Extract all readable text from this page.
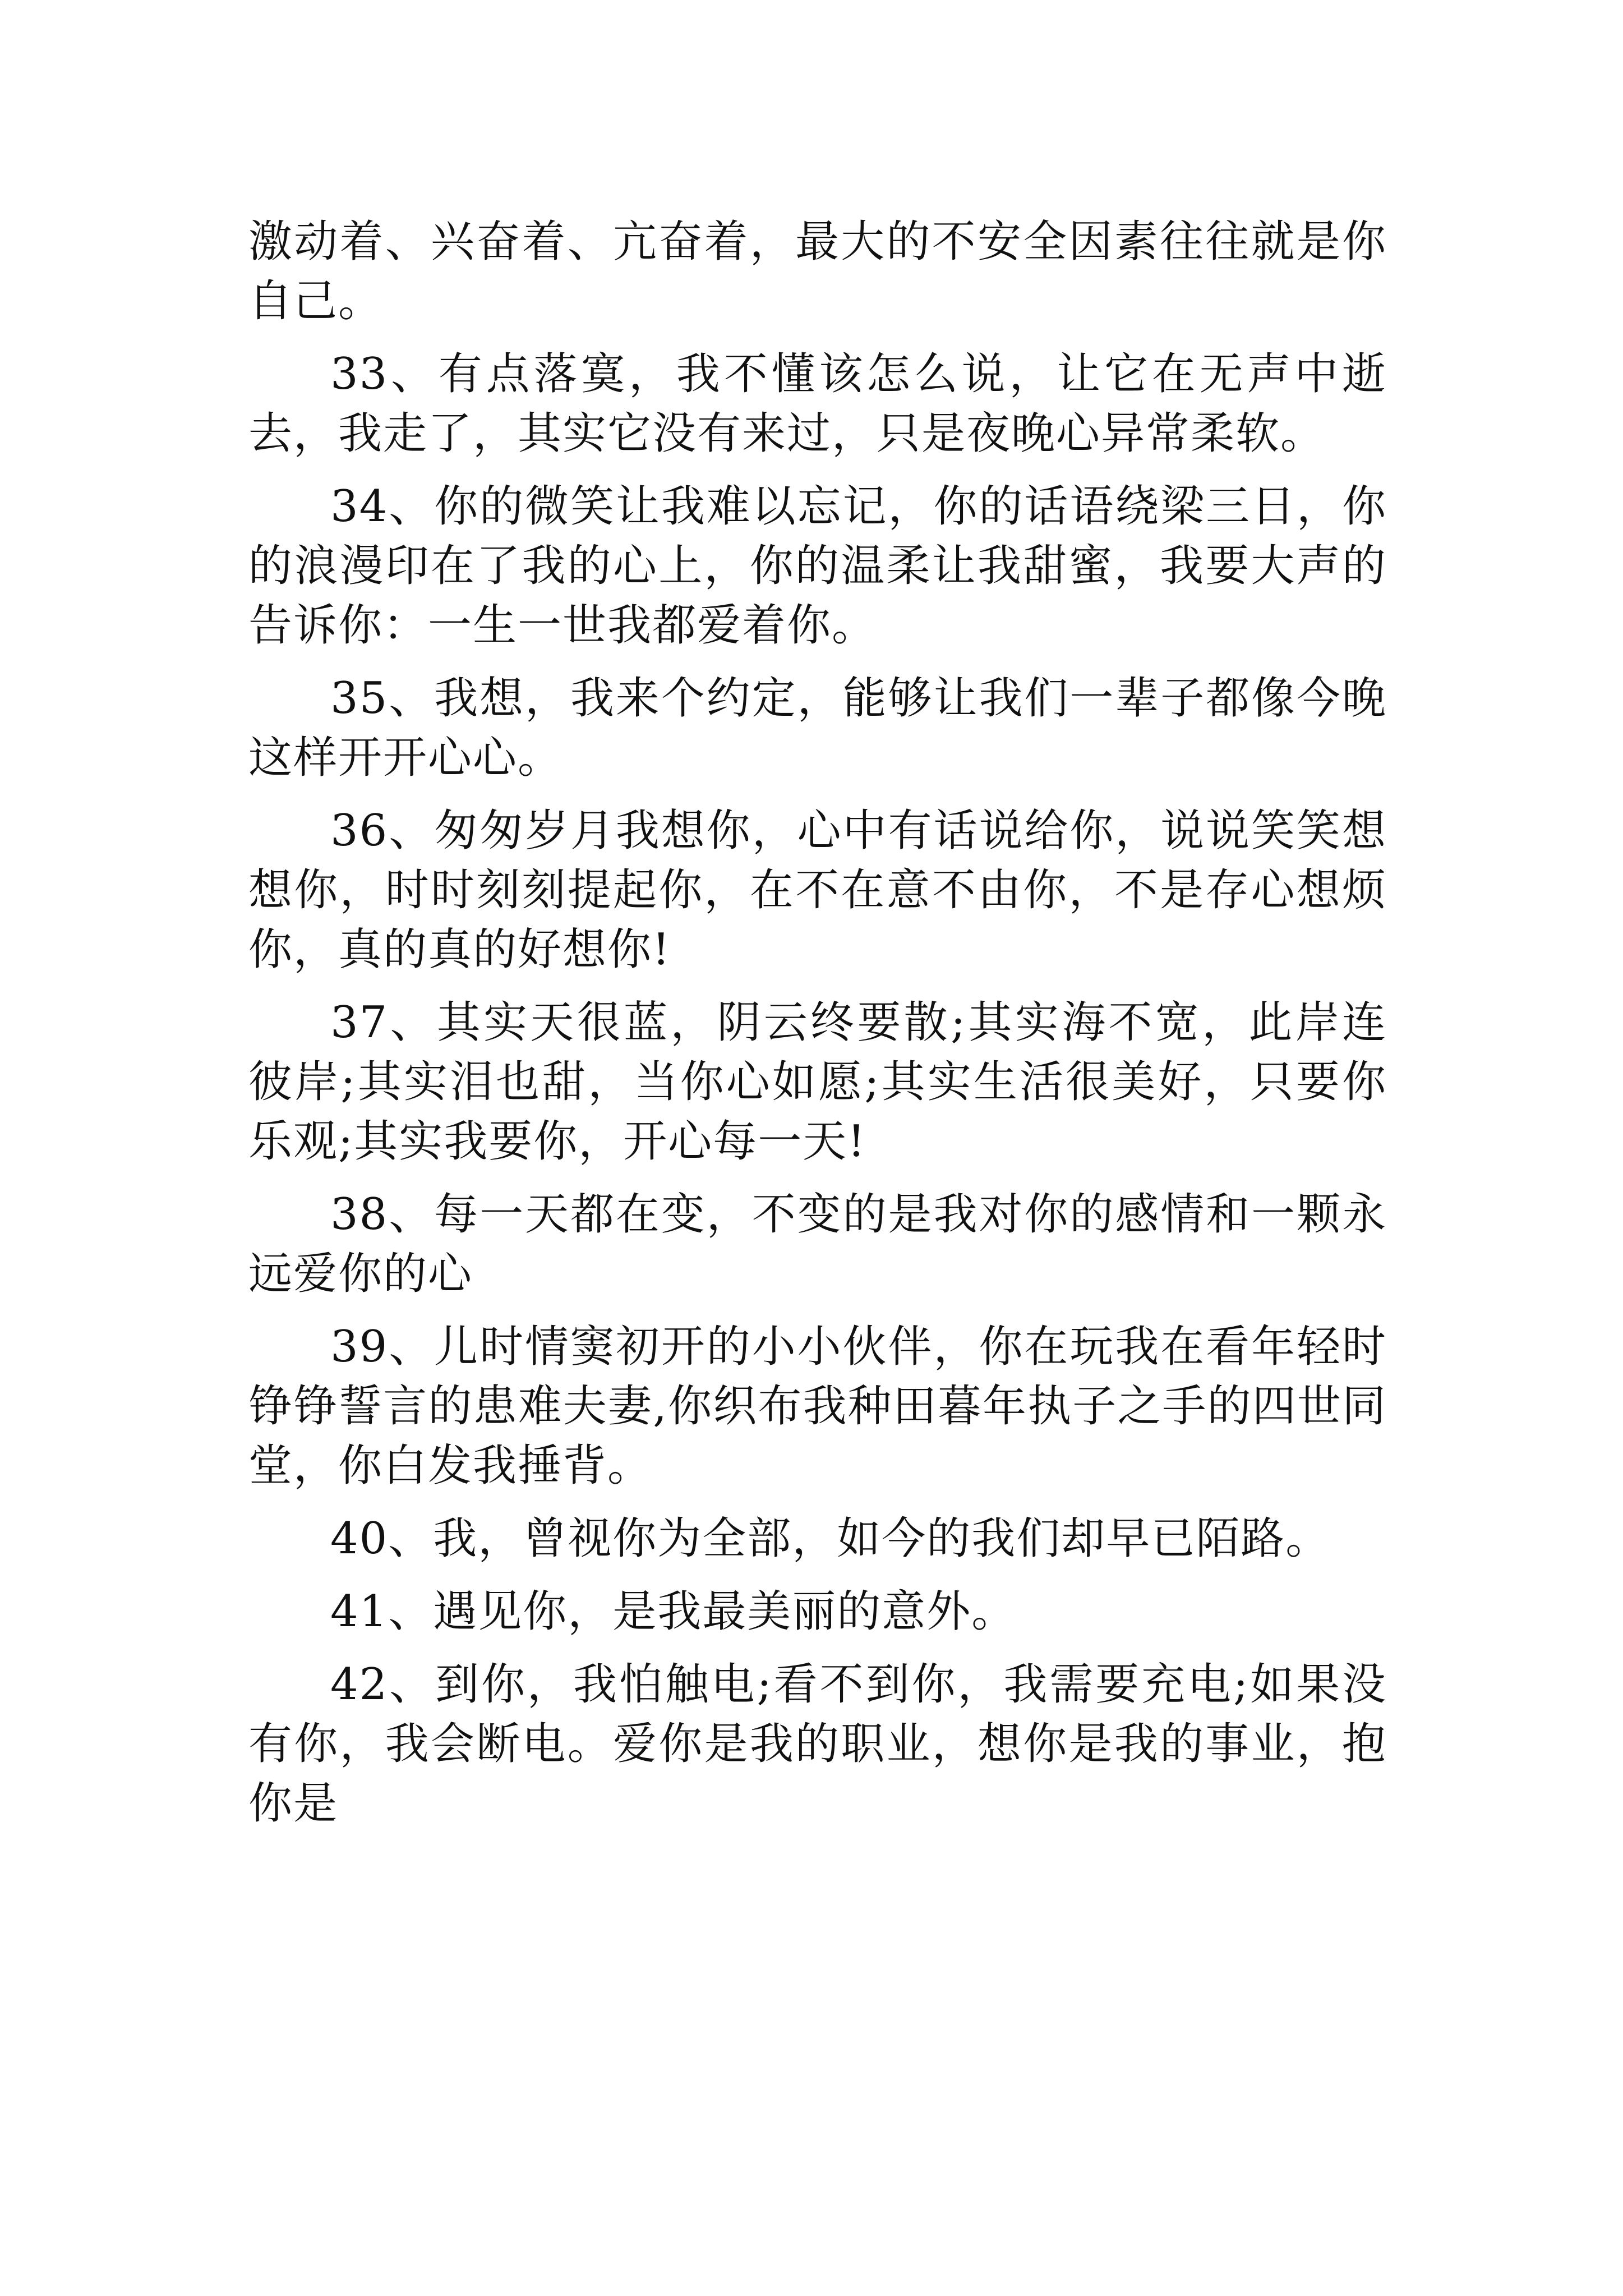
激动着、兴奋着、亢奋着，最大的不安全因素往往就是你自己。

33、有点落寞，我不懂该怎么说，让它在无声中逝去，我走了，其实它没有来过，只是夜晚心异常柔软。

34、你的微笑让我难以忘记，你的话语绕梁三日，你的浪漫印在了我的心上，你的温柔让我甜蜜，我要大声的告诉你：一生一世我都爱着你。

35、我想，我来个约定，能够让我们一辈子都像今晚这样开开心心。

36、匆匆岁月我想你，心中有话说给你，说说笑笑想想你，时时刻刻提起你，在不在意不由你，不是存心想烦你，真的真的好想你!

37、其实天很蓝，阴云终要散;其实海不宽，此岸连彼岸;其实泪也甜，当你心如愿;其实生活很美好，只要你乐观;其实我要你，开心每一天!

38、每一天都在变，不变的是我对你的感情和一颗永远爱你的心

39、儿时情窦初开的小小伙伴，你在玩我在看年轻时铮铮誓言的患难夫妻,你织布我种田暮年执子之手的四世同堂，你白发我捶背。

40、我，曾视你为全部，如今的我们却早已陌路。

41、遇见你，是我最美丽的意外。

42、到你，我怕触电;看不到你，我需要充电;如果没有你，我会断电。爱你是我的职业，想你是我的事业，抱你是
